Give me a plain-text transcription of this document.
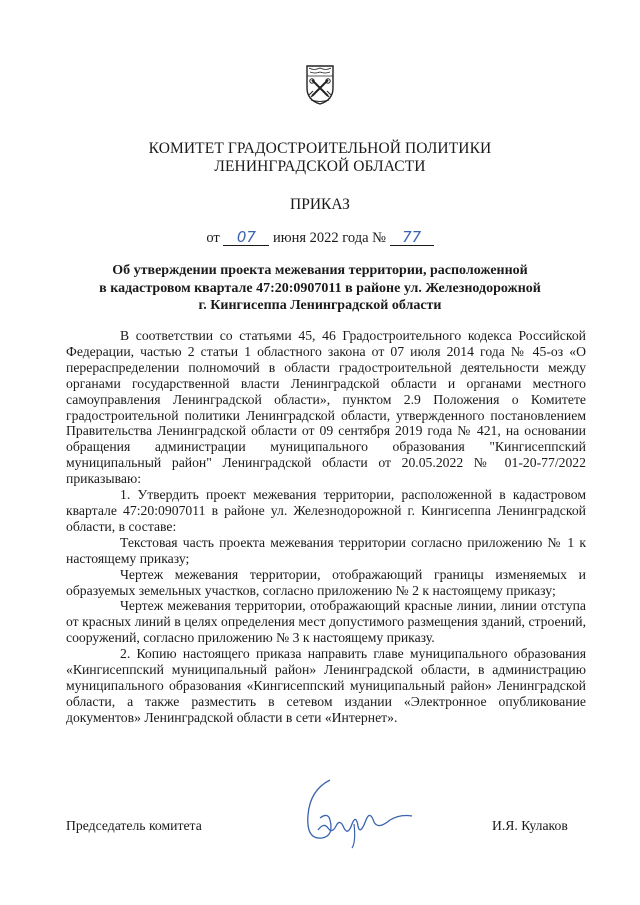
КОМИТЕТ ГРАДОСТРОИТЕЛЬНОЙ ПОЛИТИКИ
ЛЕНИНГРАДСКОЙ ОБЛАСТИ
ПРИКАЗ
от 07 июня 2022 года № 77
Об утверждении проекта межевания территории, расположенной
в кадастровом квартале 47:20:0907011 в районе ул. Железнодорожной
г. Кингисеппа Ленинградской области

В соответствии со статьями 45, 46 Градостроительного кодекса Российской Федерации, частью 2 статьи 1 областного закона от 07 июля 2014 года № 45-оз «О перераспределении полномочий в области градостроительной деятельности между органами государственной власти Ленинградской области и органами местного самоуправления Ленинградской области», пунктом 2.9 Положения о Комитете градостроительной политики Ленинградской области, утвержденного постановлением Правительства Ленинградской области от 09 сентября 2019 года № 421, на основании обращения администрации муниципального образования "Кингисеппский муниципальный район" Ленинградской области от 20.05.2022 № 01-20-77/2022 приказываю:

1. Утвердить проект межевания территории, расположенной в кадастровом квартале 47:20:0907011 в районе ул. Железнодорожной г. Кингисеппа Ленинградской области, в составе:

Текстовая часть проекта межевания территории согласно приложению № 1 к настоящему приказу;

Чертеж межевания территории, отображающий границы изменяемых и образуемых земельных участков, согласно приложению № 2 к настоящему приказу;

Чертеж межевания территории, отображающий красные линии, линии отступа от красных линий в целях определения мест допустимого размещения зданий, строений, сооружений, согласно приложению № 3 к настоящему приказу.

2. Копию настоящего приказа направить главе муниципального образования «Кингисеппский муниципальный район» Ленинградской области, в администрацию муниципального образования «Кингисеппский муниципальный район» Ленинградской области, а также разместить в сетевом издании «Электронное опубликование документов» Ленинградской области в сети «Интернет».

Председатель комитета	И.Я. Кулаков
